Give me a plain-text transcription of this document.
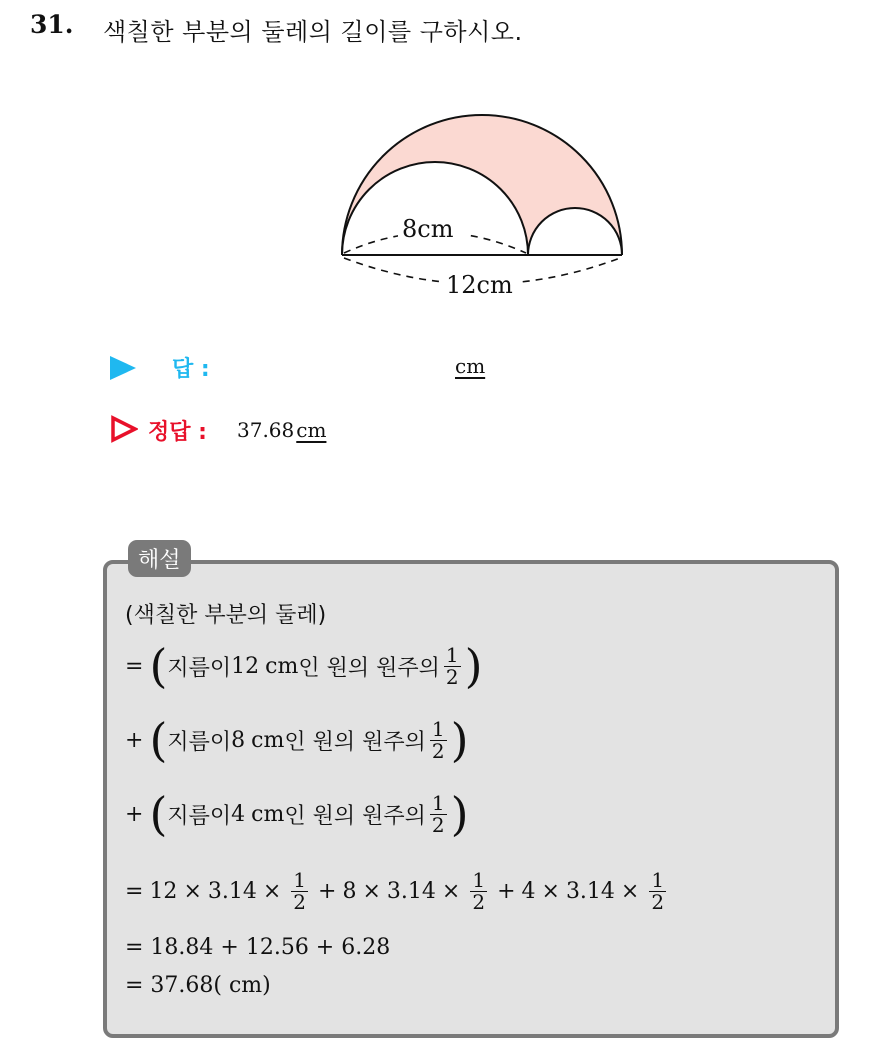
31. 색칠한 부분의 둘레의 길이를 구하시오.
8cm
12cm
답 :	cm
정답 : 37.68 cm
해설
(색칠한 부분의 둘레)
= ( 지름이 12 cm 인 원의 원주의 $\frac{1}{2}$ )
+ ( 지름이 8 cm 인 원의 원주의 $\frac{1}{2}$ )
+ ( 지름이 4 cm 인 원의 원주의 $\frac{1}{2}$ )
= $12 \times 3.14 \times \frac{1}{2} + 8 \times 3.14 \times \frac{1}{2} + 4 \times 3.14 \times \frac{1}{2}$
= 18.84 + 12.56 + 6.28
= 37.68( cm)
